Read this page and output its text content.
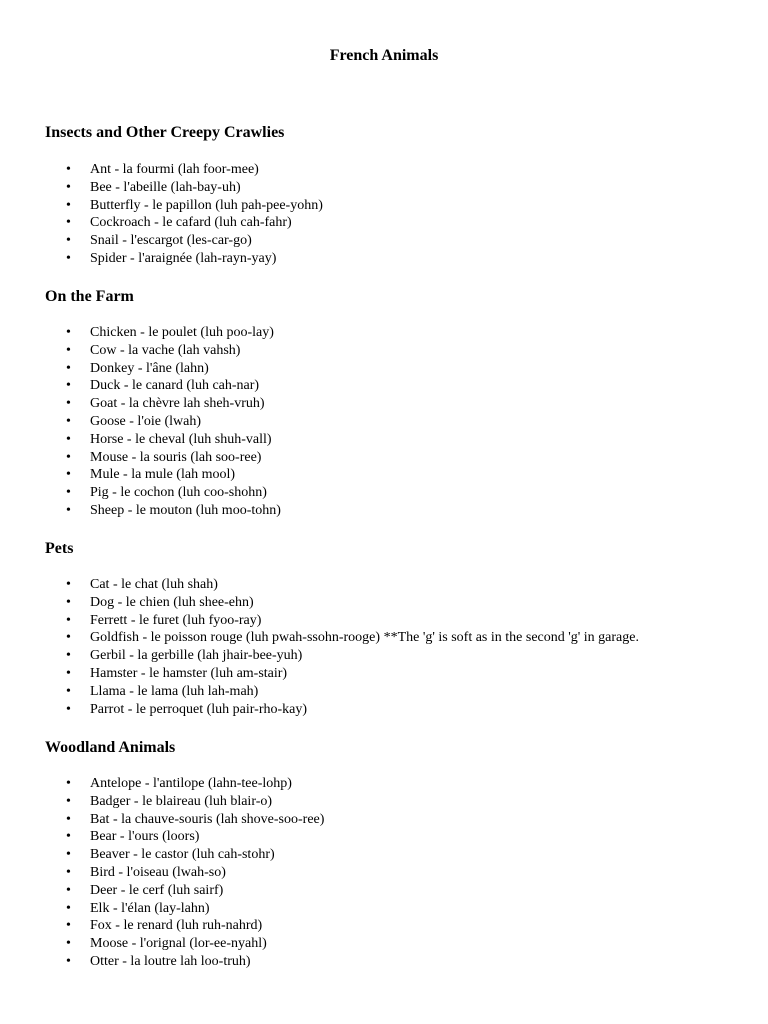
French Animals
Insects and Other Creepy Crawlies
• Ant - la fourmi (lah foor-mee)
• Bee - l'abeille (lah-bay-uh)
• Butterfly - le papillon (luh pah-pee-yohn)
• Cockroach - le cafard (luh cah-fahr)
• Snail - l'escargot (les-car-go)
• Spider - l'araignée (lah-rayn-yay)
On the Farm
• Chicken - le poulet (luh poo-lay)
• Cow - la vache (lah vahsh)
• Donkey - l'âne (lahn)
• Duck - le canard (luh cah-nar)
• Goat - la chèvre lah sheh-vruh)
• Goose - l'oie (lwah)
• Horse - le cheval (luh shuh-vall)
• Mouse - la souris (lah soo-ree)
• Mule - la mule (lah mool)
• Pig - le cochon (luh coo-shohn)
• Sheep - le mouton (luh moo-tohn)
Pets
• Cat - le chat (luh shah)
• Dog - le chien (luh shee-ehn)
• Ferrett - le furet (luh fyoo-ray)
• Goldfish - le poisson rouge (luh pwah-ssohn-rooge) **The 'g' is soft as in the second 'g' in garage.
• Gerbil - la gerbille (lah jhair-bee-yuh)
• Hamster - le hamster (luh am-stair)
• Llama - le lama (luh lah-mah)
• Parrot - le perroquet (luh pair-rho-kay)
Woodland Animals
• Antelope - l'antilope (lahn-tee-lohp)
• Badger - le blaireau (luh blair-o)
• Bat - la chauve-souris (lah shove-soo-ree)
• Bear - l'ours (loors)
• Beaver - le castor (luh cah-stohr)
• Bird - l'oiseau (lwah-so)
• Deer - le cerf (luh sairf)
• Elk - l'élan (lay-lahn)
• Fox - le renard (luh ruh-nahrd)
• Moose - l'orignal (lor-ee-nyahl)
• Otter - la loutre lah loo-truh)
